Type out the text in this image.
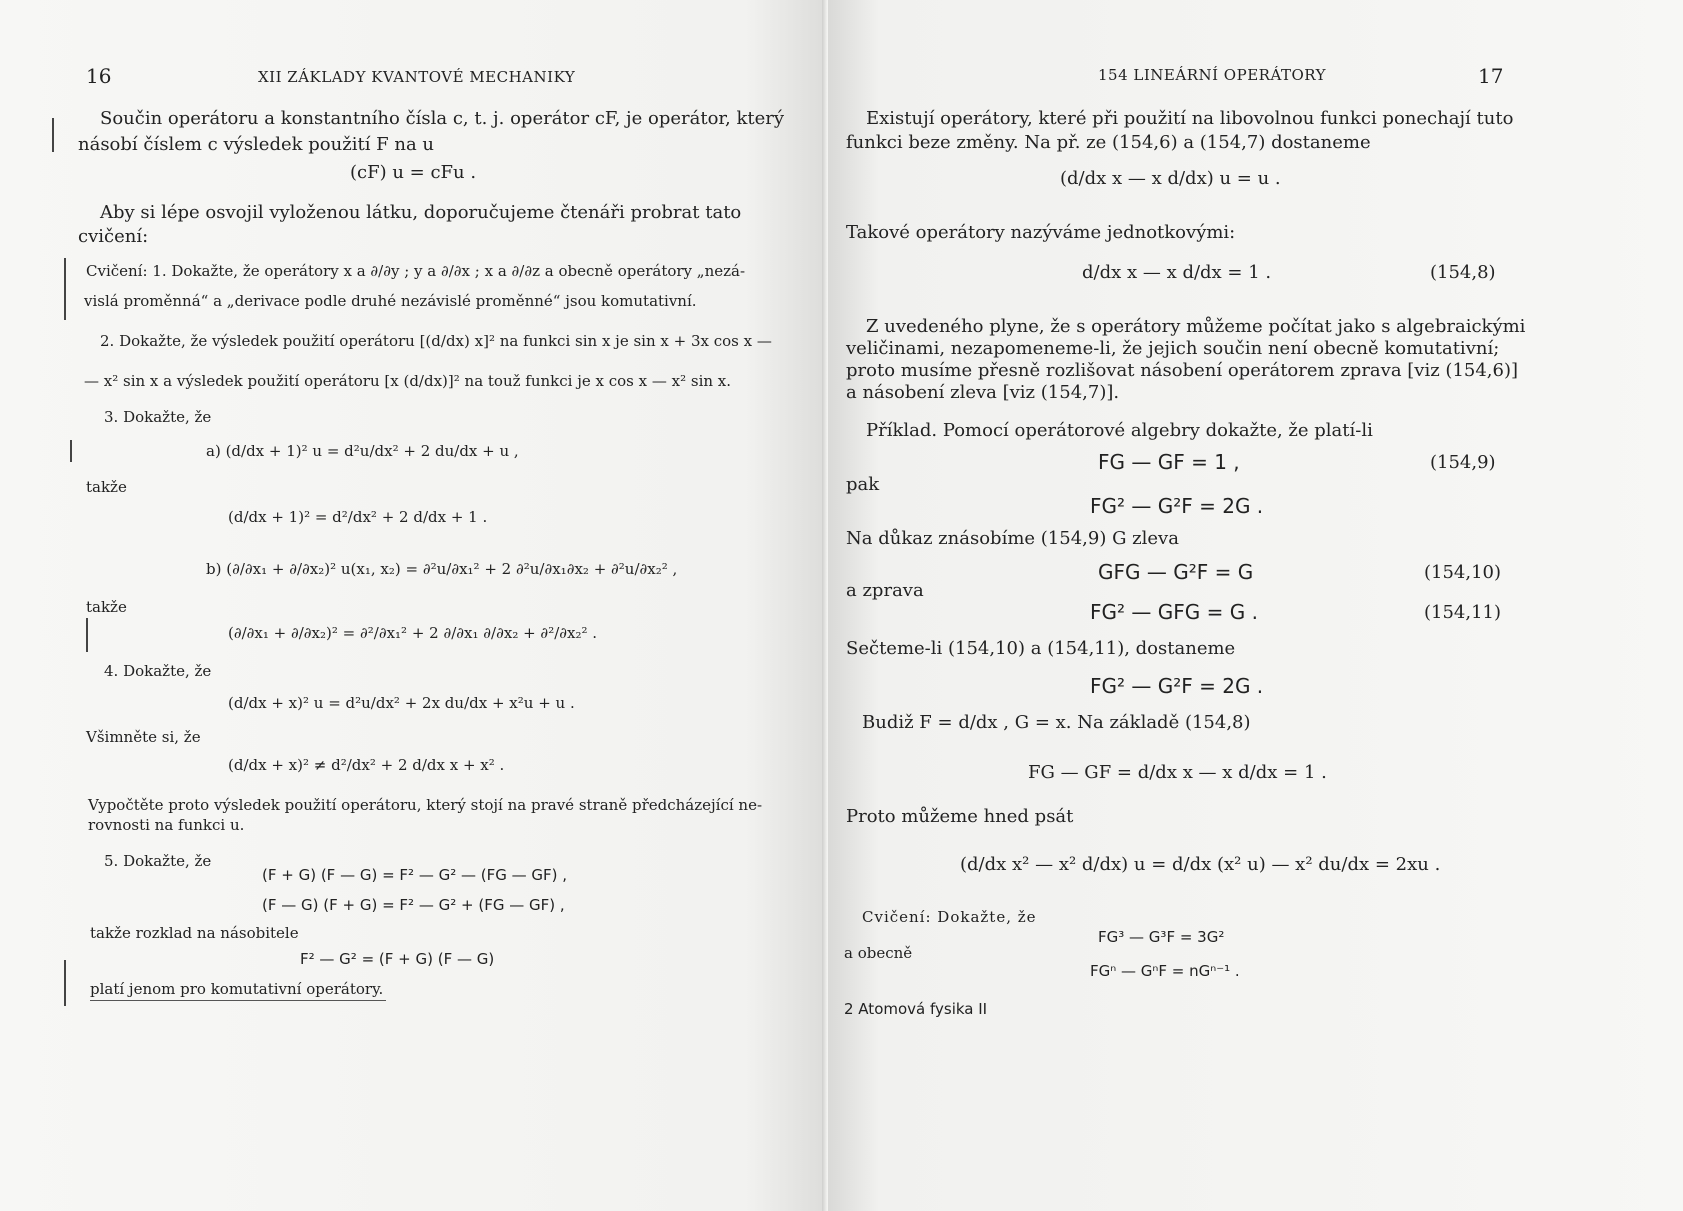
16	XII ZÁKLADY KVANTOVÉ MECHANIKY
Součin operátoru a konstantního čísla c, t. j. operátor cF, je operátor, který
násobí číslem c výsledek použití F na u
(cF) u = cFu .
Aby si lépe osvojil vyloženou látku, doporučujeme čtenáři probrat tato
cvičení:
Cvičení: 1. Dokažte, že operátory x a ∂/∂y ; y a ∂/∂x ; x a ∂/∂z a obecně operátory „nezá-
vislá proměnná“ a „derivace podle druhé nezávislé proměnné“ jsou komutativní.
2. Dokažte, že výsledek použití operátoru [(d/dx) x]² na funkci sin x je sin x + 3x cos x —
— x² sin x a výsledek použití operátoru [x (d/dx)]² na touž funkci je x cos x — x² sin x.
3. Dokažte, že
a) (d/dx + 1)² u = d²u/dx² + 2 du/dx + u ,
takže
(d/dx + 1)² = d²/dx² + 2 d/dx + 1 .
b) (∂/∂x₁ + ∂/∂x₂)² u(x₁, x₂) = ∂²u/∂x₁² + 2 ∂²u/∂x₁∂x₂ + ∂²u/∂x₂² ,
takže
(∂/∂x₁ + ∂/∂x₂)² = ∂²/∂x₁² + 2 ∂/∂x₁ ∂/∂x₂ + ∂²/∂x₂² .
4. Dokažte, že
(d/dx + x)² u = d²u/dx² + 2x du/dx + x²u + u .
Všimněte si, že
(d/dx + x)² ≠ d²/dx² + 2 d/dx x + x² .
Vypočtěte proto výsledek použití operátoru, který stojí na pravé straně předcházející ne-
rovnosti na funkci u.
5. Dokažte, že
(F + G) (F — G) = F² — G² — (FG — GF) ,
(F — G) (F + G) = F² — G² + (FG — GF) ,
takže rozklad na násobitele
F² — G² = (F + G) (F — G)
platí jenom pro komutativní operátory.
154 LINEÁRNÍ OPERÁTORY	17
Existují operátory, které při použití na libovolnou funkci ponechají tuto
funkci beze změny. Na př. ze (154,6) a (154,7) dostaneme
(d/dx x — x d/dx) u = u .
Takové operátory nazýváme jednotkovými:
d/dx x — x d/dx = 1 .	(154,8)
Z uvedeného plyne, že s operátory můžeme počítat jako s algebraickými
veličinami, nezapomeneme-li, že jejich součin není obecně komutativní;
proto musíme přesně rozlišovat násobení operátorem zprava [viz (154,6)]
a násobení zleva [viz (154,7)].
Příklad. Pomocí operátorové algebry dokažte, že platí-li
FG — GF = 1 ,	(154,9)
pak
FG² — G²F = 2G .
Na důkaz znásobíme (154,9) G zleva
GFG — G²F = G	(154,10)
a zprava
FG² — GFG = G .	(154,11)
Sečteme-li (154,10) a (154,11), dostaneme
FG² — G²F = 2G .
Budiž F = d/dx , G = x. Na základě (154,8)
FG — GF = d/dx x — x d/dx = 1 .
Proto můžeme hned psát
(d/dx x² — x² d/dx) u = d/dx (x² u) — x² du/dx = 2xu .
Cvičení: Dokažte, že
FG³ — G³F = 3G²
a obecně
FGⁿ — GⁿF = nGⁿ⁻¹ .
2 Atomová fysika II
